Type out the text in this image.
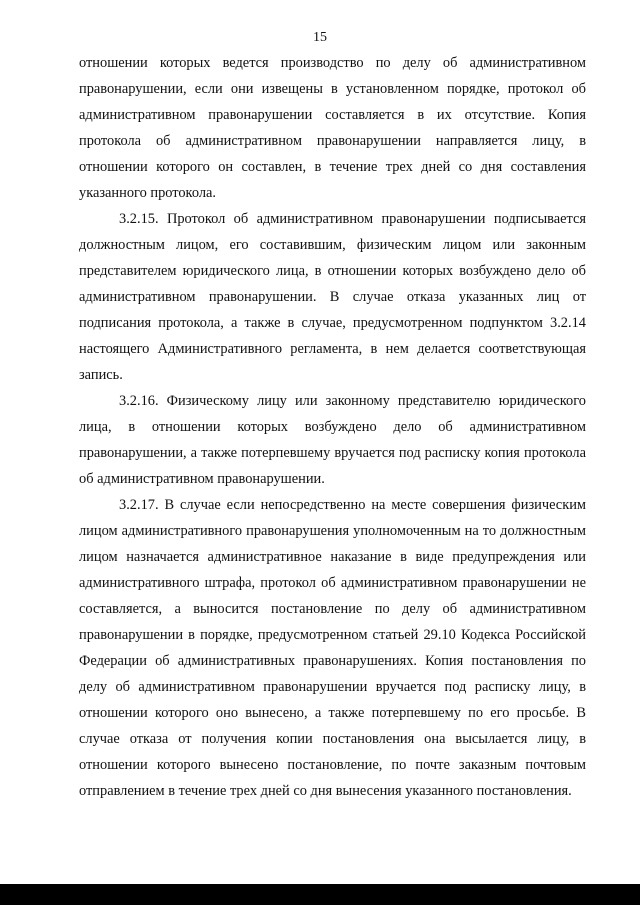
15

отношении которых ведется производство по делу об административном правонарушении, если они извещены в установленном порядке, протокол об административном правонарушении составляется в их отсутствие. Копия протокола об административном правонарушении направляется лицу, в отношении которого он составлен, в течение трех дней со дня составления указанного протокола.

3.2.15. Протокол об административном правонарушении подписывается должностным лицом, его составившим, физическим лицом или законным представителем юридического лица, в отношении которых возбуждено дело об административном правонарушении. В случае отказа указанных лиц от подписания протокола, а также в случае, предусмотренном подпунктом 3.2.14 настоящего Административного регламента, в нем делается соответствующая запись.

3.2.16. Физическому лицу или законному представителю юридического лица, в отношении которых возбуждено дело об административном правонарушении, а также потерпевшему вручается под расписку копия протокола об административном правонарушении.

3.2.17. В случае если непосредственно на месте совершения физическим лицом административного правонарушения уполномоченным на то должностным лицом назначается административное наказание в виде предупреждения или административного штрафа, протокол об административном правонарушении не составляется, а выносится постановление по делу об административном правонарушении в порядке, предусмотренном статьей 29.10 Кодекса Российской Федерации об административных правонарушениях. Копия постановления по делу об административном правонарушении вручается под расписку лицу, в отношении которого оно вынесено, а также потерпевшему по его просьбе. В случае отказа от получения копии постановления она высылается лицу, в отношении которого вынесено постановление, по почте заказным почтовым отправлением в течение трех дней со дня вынесения указанного постановления.
